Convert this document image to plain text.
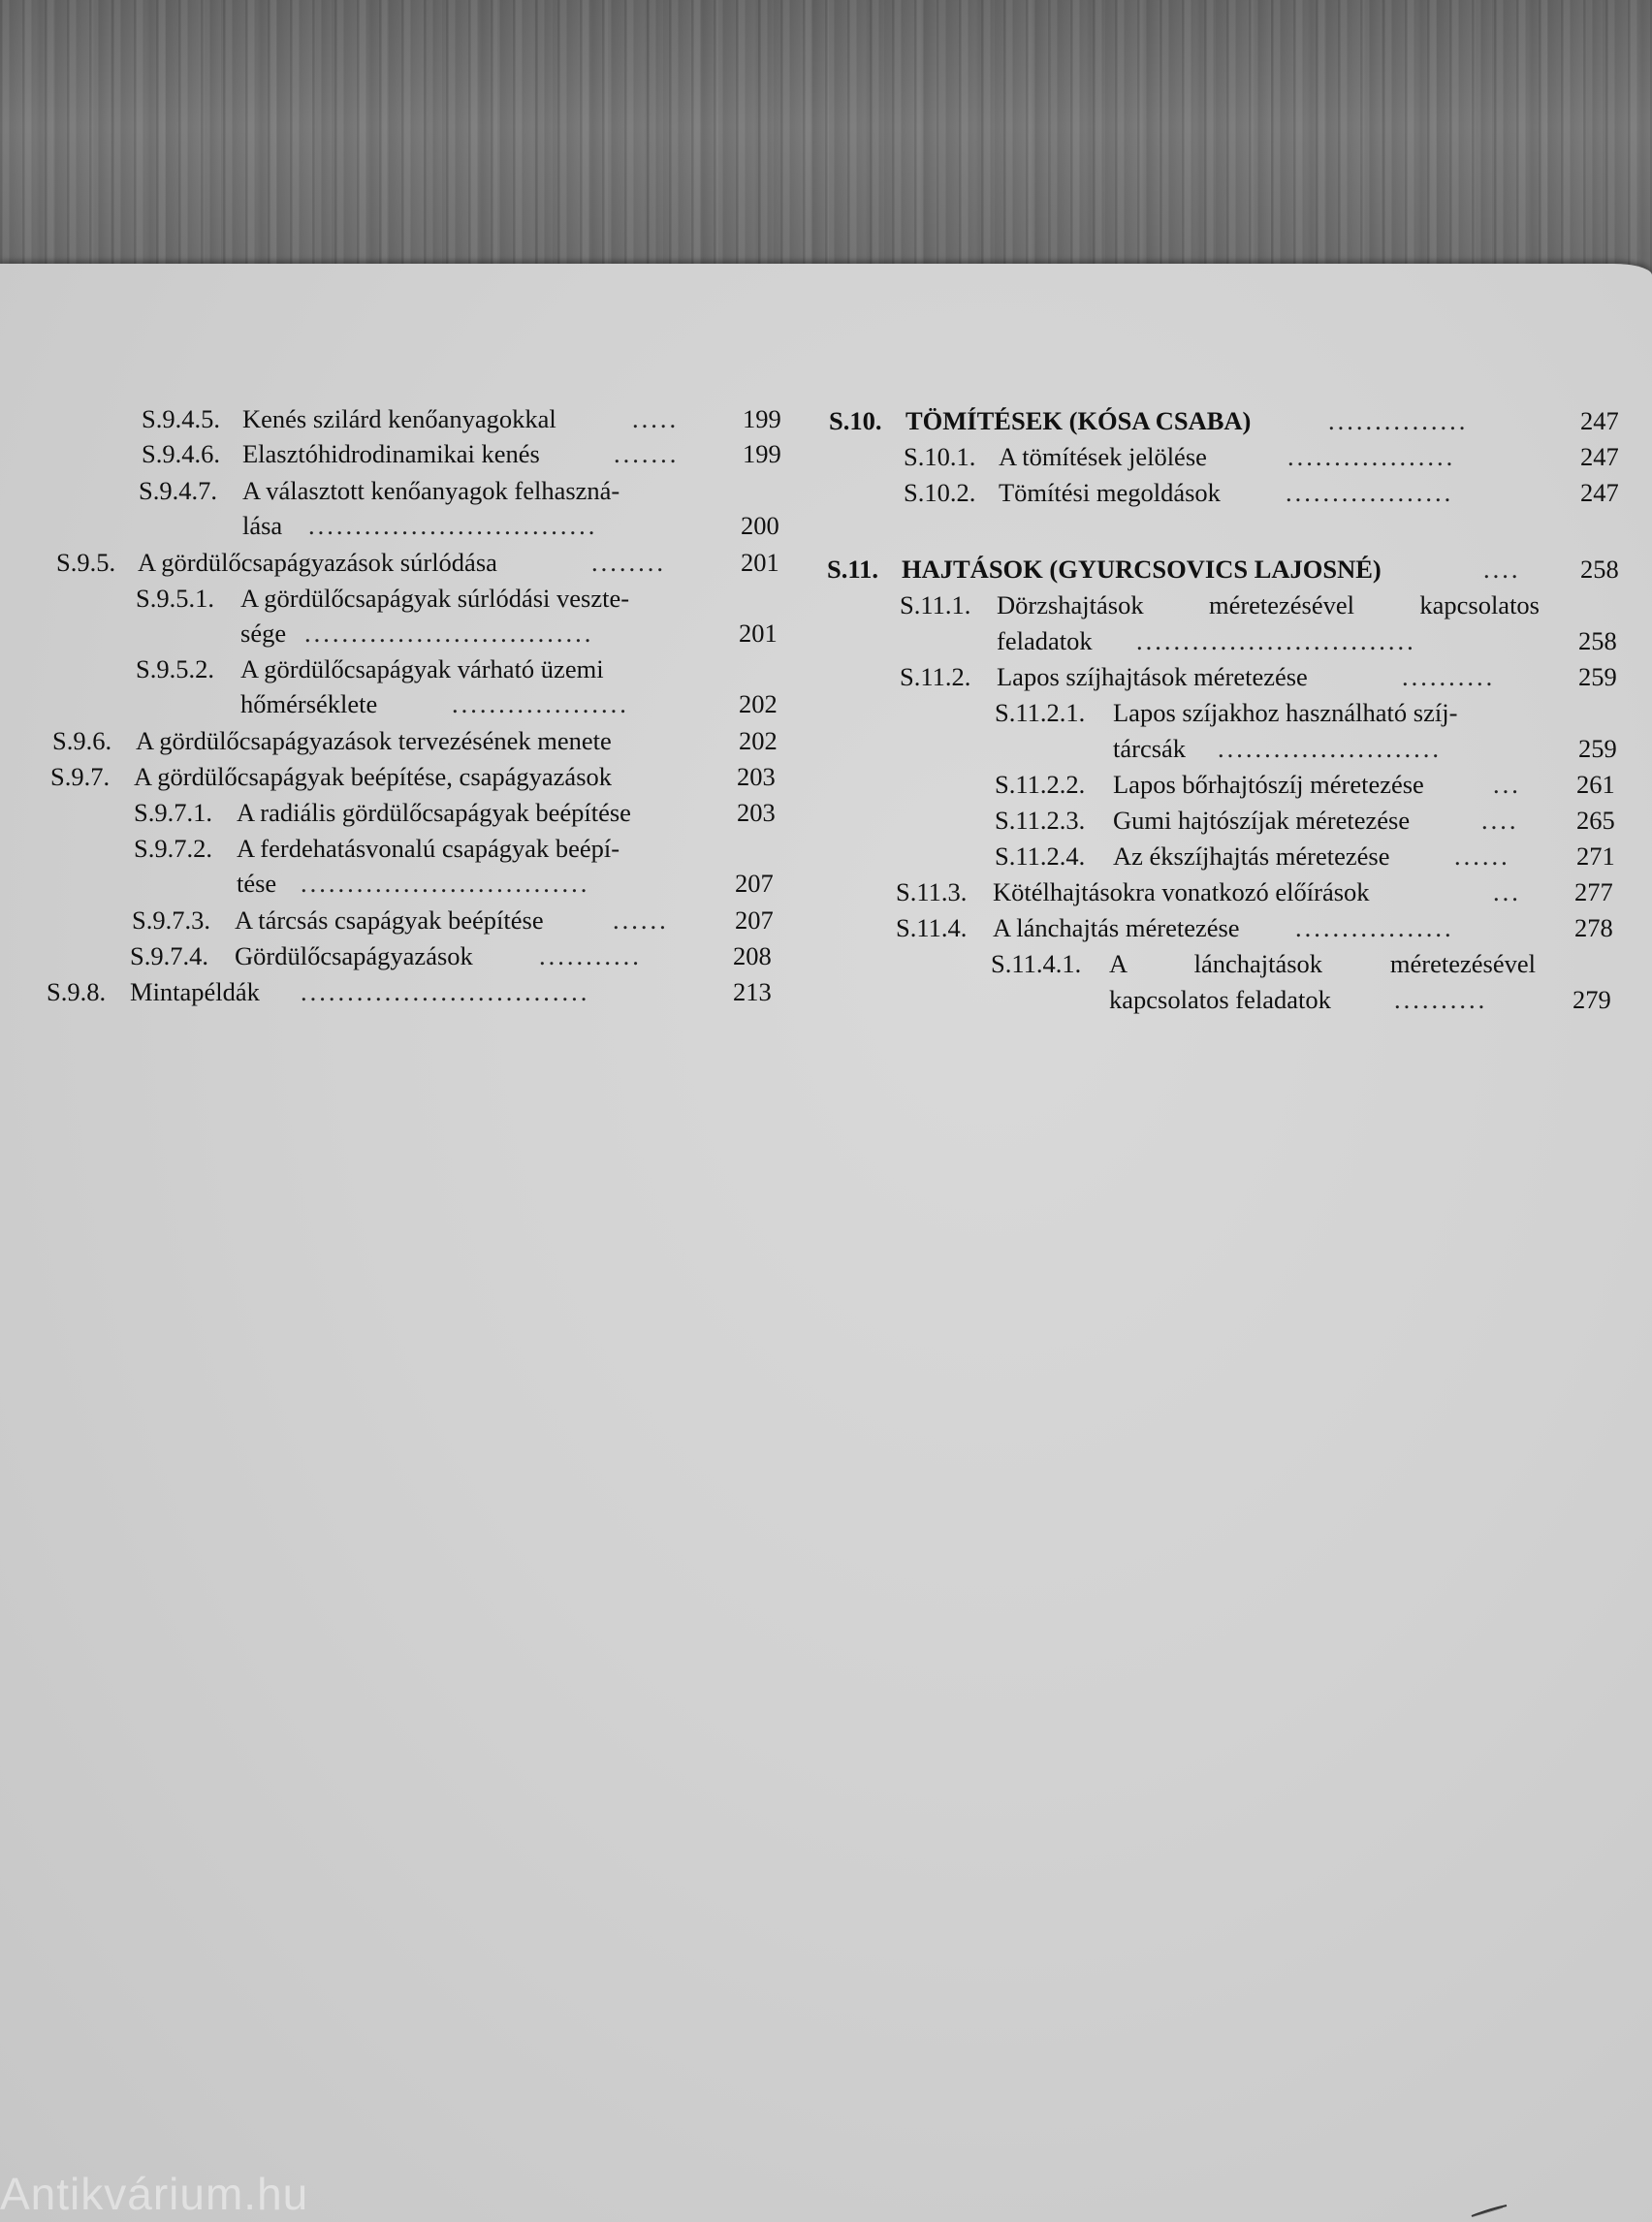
S.9.4.5. Kenés szilárd kenőanyagokkal	.....	199
S.9.4.6. Elasztóhidrodinamikai kenés	.......	199
S.9.4.7. A választott kenőanyagok felhaszná-
lása ...............................	200
S.9.5. A gördülőcsapágyazások súrlódása	........	201
S.9.5.1. A gördülőcsapágyak súrlódási veszte-
sége ...............................	201
S.9.5.2. A gördülőcsapágyak várható üzemi
hőmérséklete	...................	202
S.9.6. A gördülőcsapágyazások tervezésének menete	202
S.9.7. A gördülőcsapágyak beépítése, csapágyazások	203
S.9.7.1. A radiális gördülőcsapágyak beépítése	203
S.9.7.2. A ferdehatásvonalú csapágyak beépí-
tése ...............................	207
S.9.7.3. A tárcsás csapágyak beépítése	......	207
S.9.7.4. Gördülőcsapágyazások	...........	208
S.9.8. Mintapéldák ...............................	213
S.10. TÖMÍTÉSEK (KÓSA CSABA)	...............	247
S.10.1. A tömítések jelölése	..................	247
S.10.2. Tömítési megoldások	..................	247
S.11. HAJTÁSOK (GYURCSOVICS LAJOSNÉ)	....	258
S.11.1. Dörzshajtások méretezésével kapcsolatos
feladatok ..............................	258
S.11.2. Lapos szíjhajtások méretezése	..........	259
S.11.2.1. Lapos szíjakhoz használható szíj-
tárcsák ........................	259
S.11.2.2. Lapos bőrhajtószíj méretezése	...	261
S.11.2.3. Gumi hajtószíjak méretezése	....	265
S.11.2.4. Az ékszíjhajtás méretezése	......	271
S.11.3. Kötélhajtásokra vonatkozó előírások	...	277
S.11.4. A lánchajtás méretezése .................	278
S.11.4.1. A lánchajtások méretezésével
kapcsolatos feladatok ..........	279
Antikvárium.hu
